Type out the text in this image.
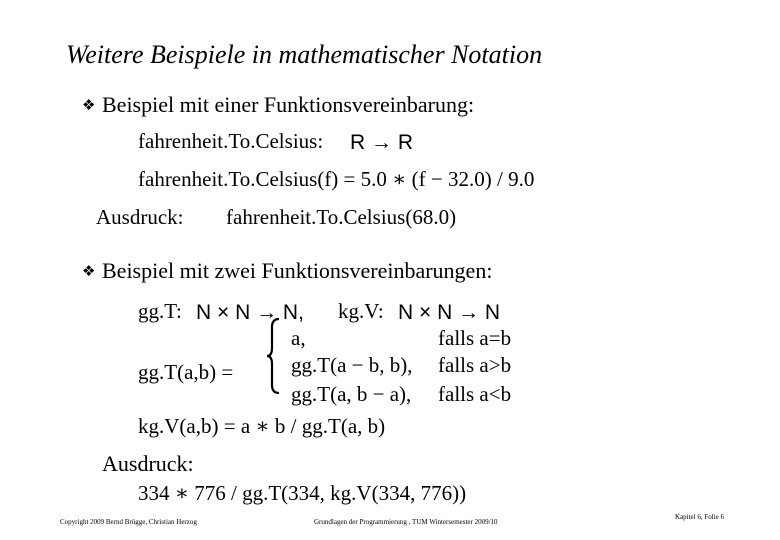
Weitere Beispiele in mathematischer Notation
❖ Beispiel mit einer Funktionsvereinbarung:
fahrenheit.To.Celsius: R → R
fahrenheit.To.Celsius(f) = 5.0 ∗ (f − 32.0) / 9.0
Ausdruck: fahrenheit.To.Celsius(68.0)
❖ Beispiel mit zwei Funktionsvereinbarungen:
gg.T: N × N → N, kg.V: N × N → N
a,	falls a=b
gg.T(a,b) =	gg.T(a − b, b), falls a>b
gg.T(a, b − a), falls a<b
kg.V(a,b) = a ∗ b / gg.T(a, b)
Ausdruck:
334 ∗ 776 / gg.T(334, kg.V(334, 776))
Copyright 2009 Bernd Brügge, Christian Herzog	Grundlagen der Programmierung , TUM Wintersemester 2009/10
Kapitel 6, Folie 6
